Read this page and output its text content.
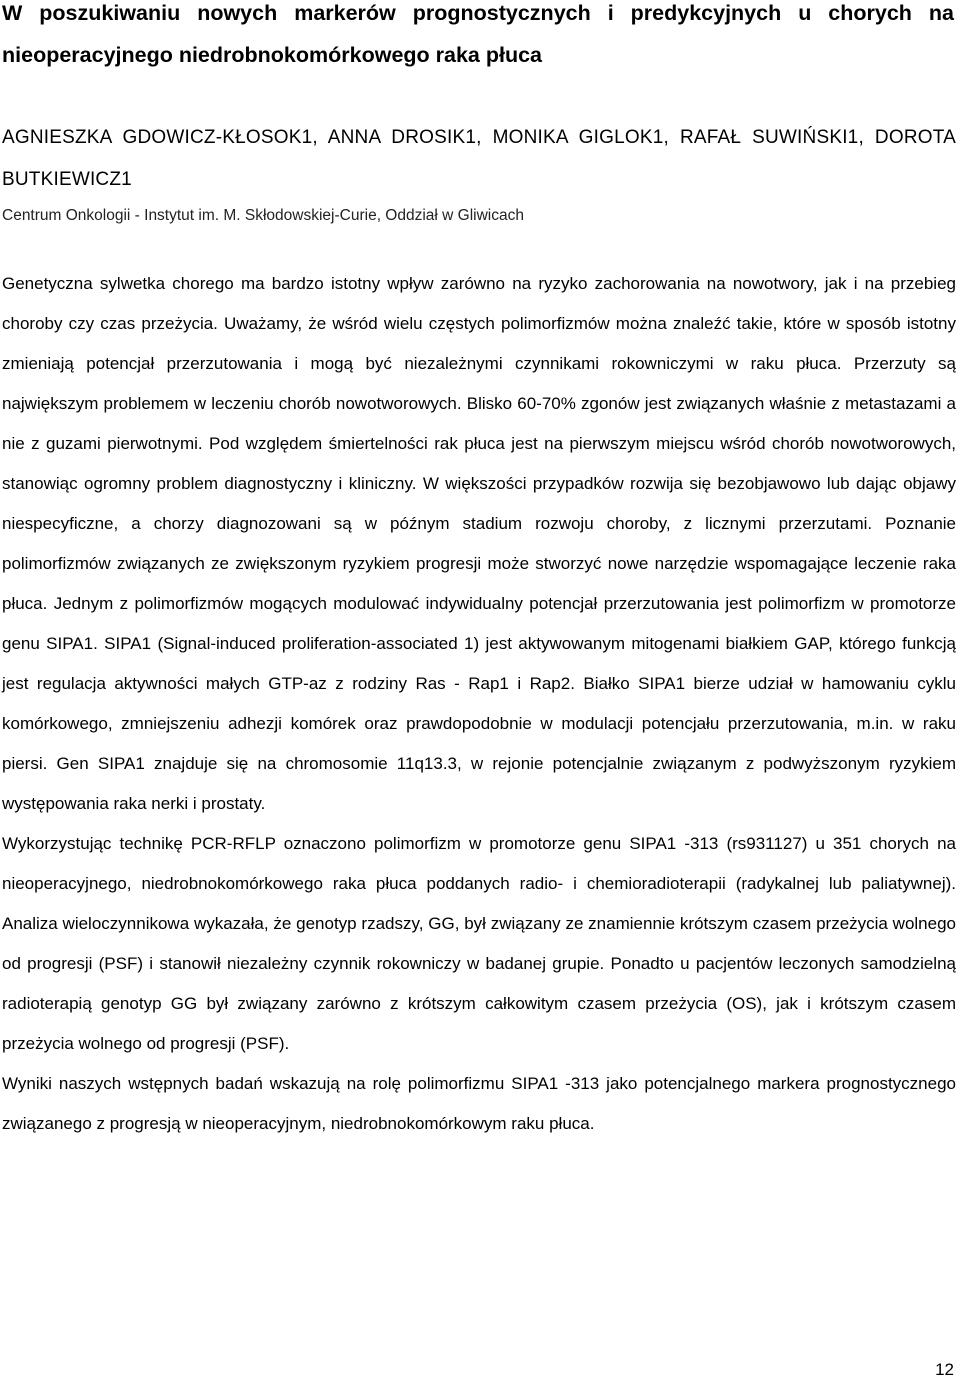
W poszukiwaniu nowych markerów prognostycznych i predykcyjnych u chorych na nieoperacyjnego niedrobnokomórkowego raka płuca
AGNIESZKA GDOWICZ-KŁOSOK1, ANNA DROSIK1, MONIKA GIGLOK1, RAFAŁ SUWIŃSKI1, DOROTA BUTKIEWICZ1
Centrum Onkologii - Instytut im. M. Skłodowskiej-Curie, Oddział w Gliwicach

Genetyczna sylwetka chorego ma bardzo istotny wpływ zarówno na ryzyko zachorowania na nowotwory, jak i na przebieg choroby czy czas przeżycia. Uważamy, że wśród wielu częstych polimorfizmów można znaleźć takie, które w sposób istotny zmieniają potencjał przerzutowania i mogą być niezależnymi czynnikami rokowniczymi w raku płuca. Przerzuty są największym problemem w leczeniu chorób nowotworowych. Blisko 60-70% zgonów jest związanych właśnie z metastazami a nie z guzami pierwotnymi. Pod względem śmiertelności rak płuca jest na pierwszym miejscu wśród chorób nowotworowych, stanowiąc ogromny problem diagnostyczny i kliniczny. W większości przypadków rozwija się bezobjawowo lub dając objawy niespecyficzne, a chorzy diagnozowani są w późnym stadium rozwoju choroby, z licznymi przerzutami. Poznanie polimorfizmów związanych ze zwiększonym ryzykiem progresji może stworzyć nowe narzędzie wspomagające leczenie raka płuca. Jednym z polimorfizmów mogących modulować indywidualny potencjał przerzutowania jest polimorfizm w promotorze genu SIPA1. SIPA1 (Signal-induced proliferation-associated 1) jest aktywowanym mitogenami białkiem GAP, którego funkcją jest regulacja aktywności małych GTP-az z rodziny Ras - Rap1 i Rap2. Białko SIPA1 bierze udział w hamowaniu cyklu komórkowego, zmniejszeniu adhezji komórek oraz prawdopodobnie w modulacji potencjału przerzutowania, m.in. w raku piersi. Gen SIPA1 znajduje się na chromosomie 11q13.3, w rejonie potencjalnie związanym z podwyższonym ryzykiem występowania raka nerki i prostaty.

Wykorzystując technikę PCR-RFLP oznaczono polimorfizm w promotorze genu SIPA1 -313 (rs931127) u 351 chorych na nieoperacyjnego, niedrobnokomórkowego raka płuca poddanych radio- i chemioradioterapii (radykalnej lub paliatywnej). Analiza wieloczynnikowa wykazała, że genotyp rzadszy, GG, był związany ze znamiennie krótszym czasem przeżycia wolnego od progresji (PSF) i stanowił niezależny czynnik rokowniczy w badanej grupie. Ponadto u pacjentów leczonych samodzielną radioterapią genotyp GG był związany zarówno z krótszym całkowitym czasem przeżycia (OS), jak i krótszym czasem przeżycia wolnego od progresji (PSF).

Wyniki naszych wstępnych badań wskazują na rolę polimorfizmu SIPA1 -313 jako potencjalnego markera prognostycznego związanego z progresją w nieoperacyjnym, niedrobnokomórkowym raku płuca.

12
